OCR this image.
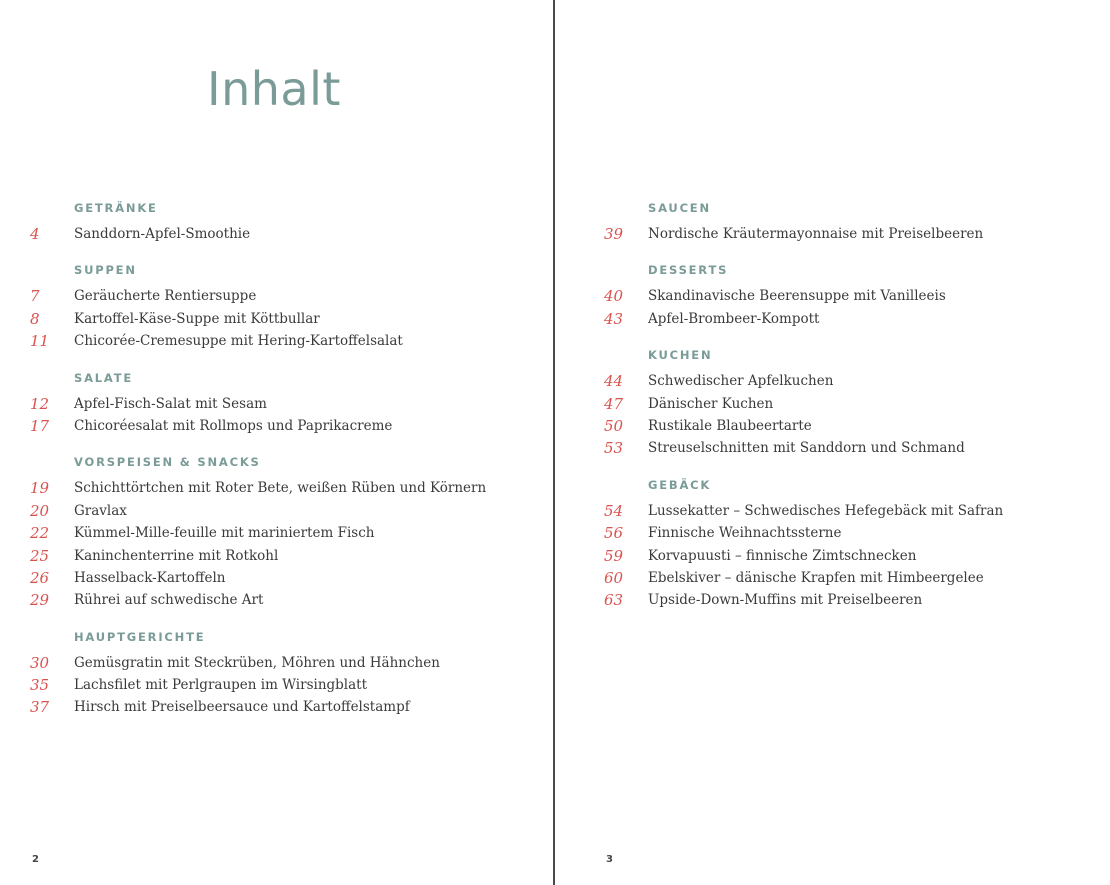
Inhalt
GETRÄNKE
4	Sanddorn-Apfel-Smoothie
SUPPEN
7	Geräucherte Rentiersuppe
8	Kartoffel-Käse-Suppe mit Köttbullar
11	Chicorée-Cremesuppe mit Hering-Kartoffelsalat
SALATE
12	Apfel-Fisch-Salat mit Sesam
17	Chicoréesalat mit Rollmops und Paprikacreme
VORSPEISEN & SNACKS
19	Schichttörtchen mit Roter Bete, weißen Rüben und Körnern
20	Gravlax
22	Kümmel-Mille-feuille mit mariniertem Fisch
25	Kaninchenterrine mit Rotkohl
26	Hasselback-Kartoffeln
29	Rührei auf schwedische Art
HAUPTGERICHTE
30	Gemüsgratin mit Steckrüben, Möhren und Hähnchen
35	Lachsfilet mit Perlgraupen im Wirsingblatt
37	Hirsch mit Preiselbeersauce und Kartoffelstampf
2
SAUCEN
39	Nordische Kräutermayonnaise mit Preiselbeeren
DESSERTS
40	Skandinavische Beerensuppe mit Vanilleeis
43	Apfel-Brombeer-Kompott
KUCHEN
44	Schwedischer Apfelkuchen
47	Dänischer Kuchen
50	Rustikale Blaubeertarte
53	Streuselschnitten mit Sanddorn und Schmand
GEBÄCK
54	Lussekatter – Schwedisches Hefegebäck mit Safran
56	Finnische Weihnachtssterne
59	Korvapuusti – finnische Zimtschnecken
60	Ebelskiver – dänische Krapfen mit Himbeergelee
63	Upside-Down-Muffins mit Preiselbeeren
3
